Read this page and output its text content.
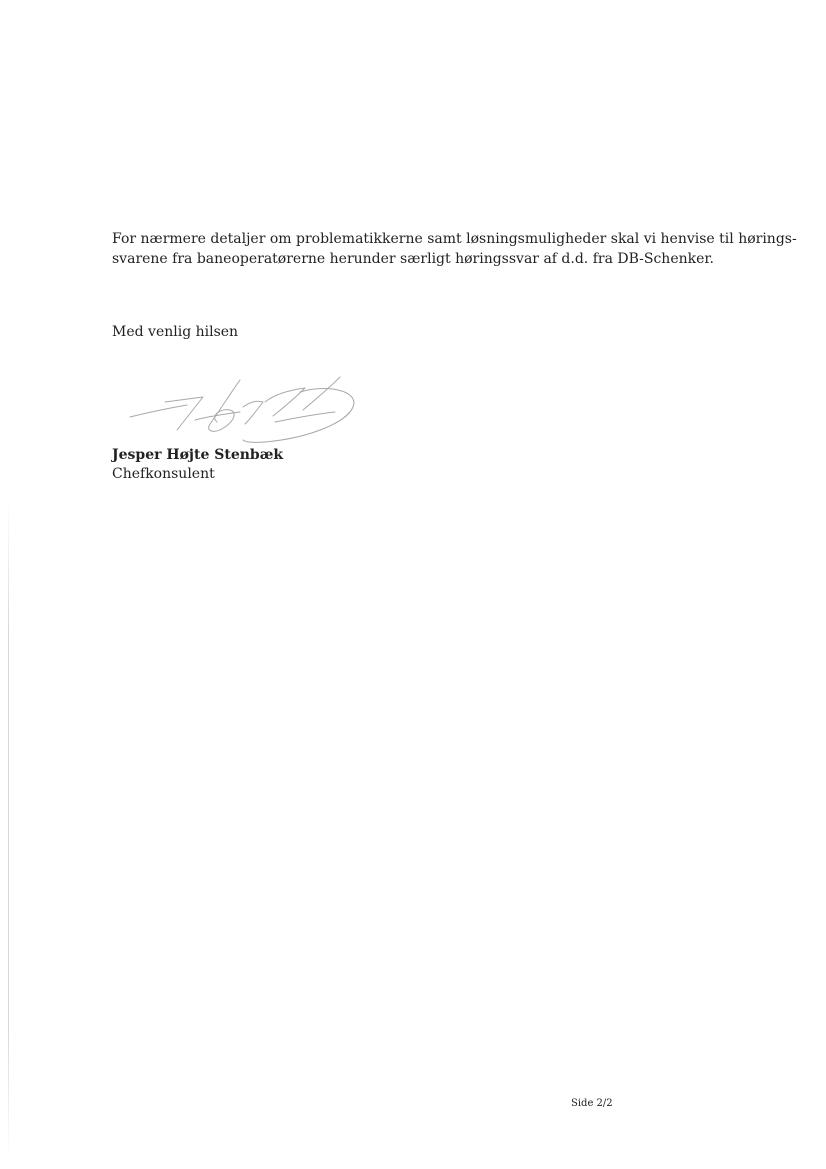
For nærmere detaljer om problematikkerne samt løsningsmuligheder skal vi henvise til hørings-
svarene fra baneoperatørerne herunder særligt høringssvar af d.d. fra DB-Schenker.

Med venlig hilsen

Jesper Højte Stenbæk

Chefkonsulent

Side 2/2
